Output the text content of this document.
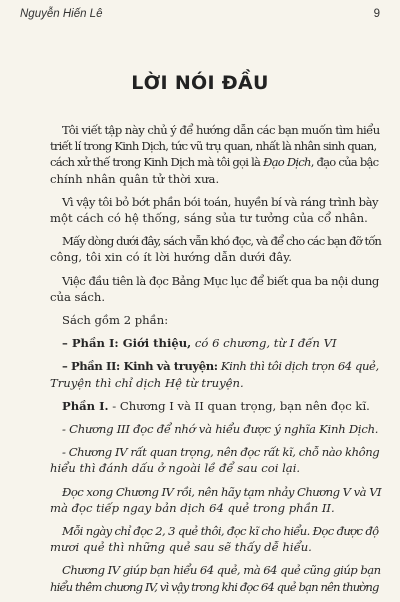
Nguyễn Hiến Lê	9
LỜI NÓI ĐẦU

Tôi viết tập này chủ ý để hướng dẫn các bạn muốn tìm hiểu
triết lí trong Kinh Dịch, tức vũ trụ quan, nhất là nhân sinh quan,
cách xử thế trong Kinh Dịch mà tôi gọi là Đạo Dịch, đạo của bậc
chính nhân quân tử thời xưa.

Vì vậy tôi bỏ bớt phần bói toán, huyền bí và ráng trình bày
một cách có hệ thống, sáng sủa tư tưởng của cổ nhân.

Mấy dòng dưới đây, sách vẫn khó đọc, và để cho các bạn đỡ tốn
công, tôi xin có ít lời hướng dẫn dưới đây.

Việc đầu tiên là đọc Bảng Mục lục để biết qua ba nội dung
của sách.

Sách gồm 2 phần:

– Phần I: Giới thiệu, có 6 chương, từ I đến VI

– Phần II: Kinh và truyện: Kinh thì tôi dịch trọn 64 quẻ,
Truyện thì chỉ dịch Hệ từ truyện.

Phần I. - Chương I và II quan trọng, bạn nên đọc kĩ.

- Chương III đọc để nhớ và hiểu được ý nghĩa Kinh Dịch.

- Chương IV rất quan trọng, nên đọc rất kĩ, chỗ nào không
hiểu thì đánh dấu ở ngoài lề để sau coi lại.

Đọc xong Chương IV rồi, nên hãy tạm nhảy Chương V và VI
mà đọc tiếp ngay bản dịch 64 quẻ trong phần II.

Mỗi ngày chỉ đọc 2, 3 quẻ thôi, đọc kĩ cho hiểu. Đọc được độ
mươi quẻ thì những quẻ sau sẽ thấy dễ hiểu.

Chương IV giúp bạn hiểu 64 quẻ, mà 64 quẻ cũng giúp bạn
hiểu thêm chương IV, vì vậy trong khi đọc 64 quẻ bạn nên thường
